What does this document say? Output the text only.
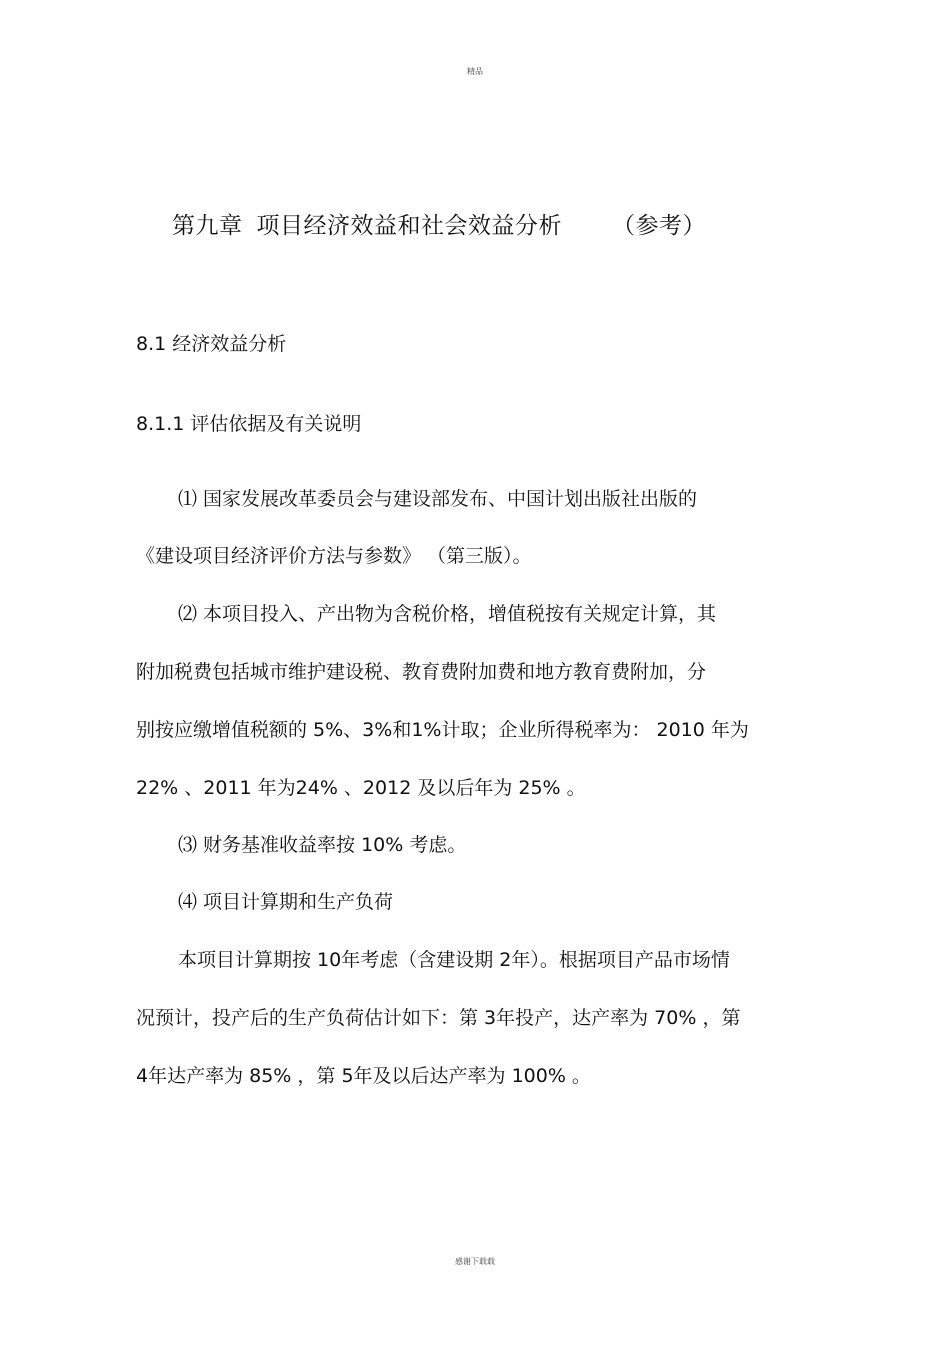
精品
第九章 项目经济效益和社会效益分析 （参考）
8.1 经济效益分析
8.1.1 评估依据及有关说明
⑴ 国家发展改革委员会与建设部发布、中国计划出版社出版的
《建设项目经济评价方法与参数》 （第三版）。
⑵ 本项目投入、产出物为含税价格，增值税按有关规定计算，其
附加税费包括城市维护建设税、教育费附加费和地方教育费附加，分
别按应缴增值税额的 5%、3%和1%计取；企业所得税率为： 2010 年为
22% 、2011 年为24% 、2012 及以后年为 25% 。
⑶ 财务基准收益率按 10% 考虑。
⑷ 项目计算期和生产负荷
本项目计算期按 10年考虑（含建设期 2年）。根据项目产品市场情
况预计，投产后的生产负荷估计如下：第 3年投产，达产率为 70% ，第
4年达产率为 85% ，第 5年及以后达产率为 100% 。
感谢下载载
